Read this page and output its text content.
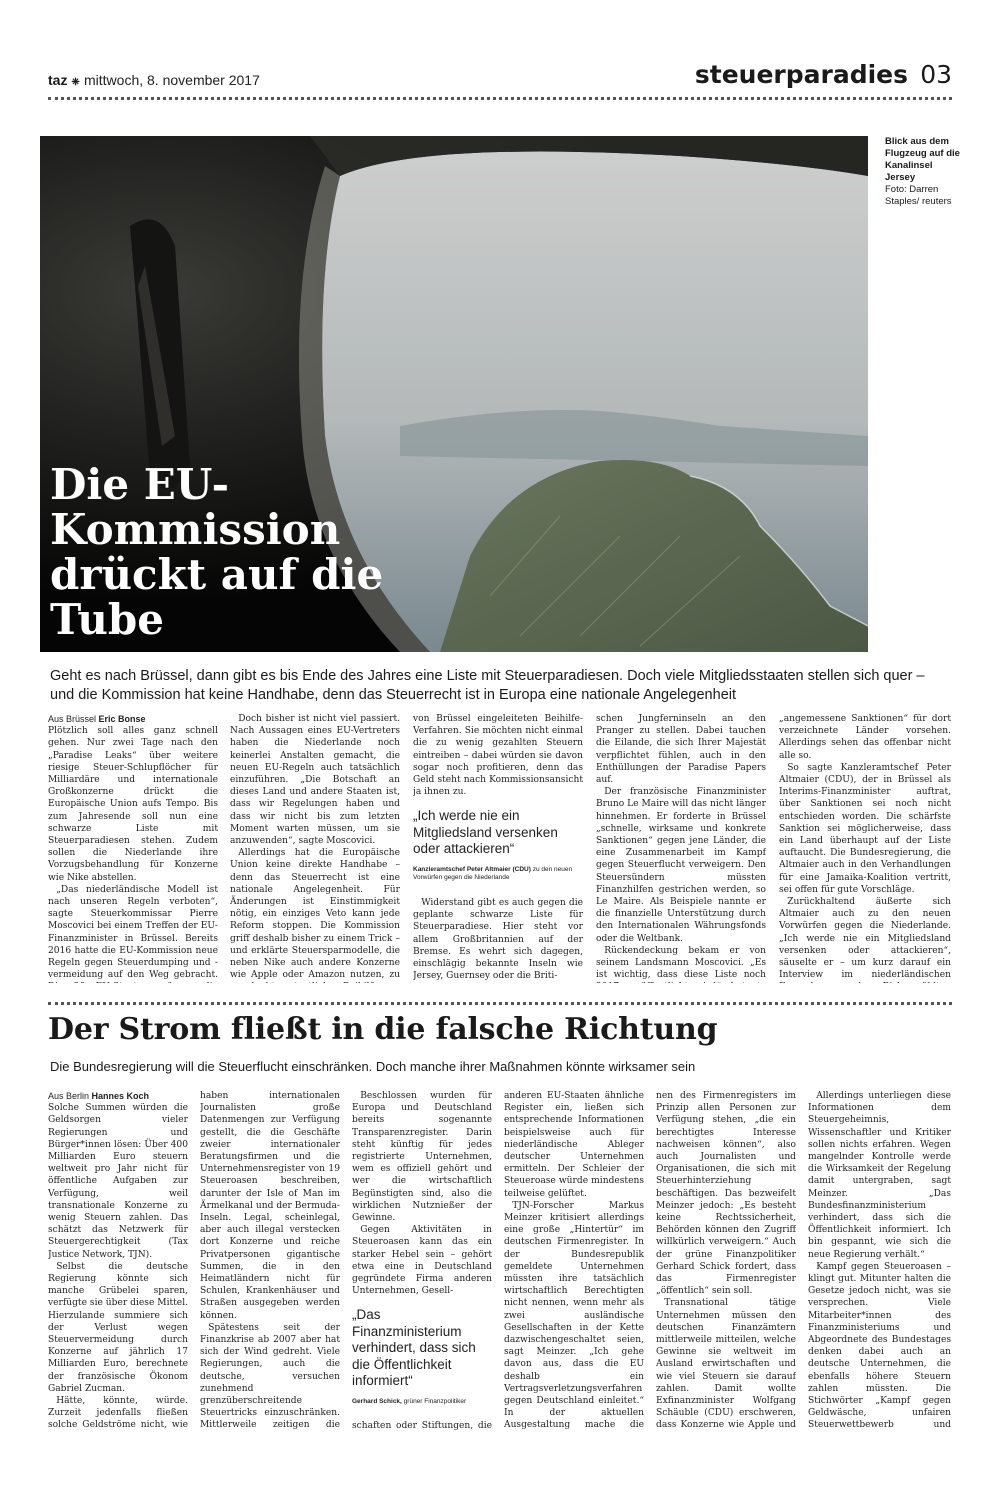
taz ❈ mittwoch, 8. november 2017	steuerparadies 03
Die EU-Kommission drückt auf die Tube
Blick aus dem Flugzeug auf die Kanalinsel Jersey
Foto: Darren Staples/ reuters
Geht es nach Brüssel, dann gibt es bis Ende des Jahres eine Liste mit Steuerparadiesen. Doch viele Mitgliedsstaaten stellen sich quer – und die Kommission hat keine Handhabe, denn das Steuerrecht ist in Europa eine nationale Angelegenheit

Aus Brüssel Eric Bonse

Plötzlich soll alles ganz schnell gehen. Nur zwei Tage nach den „Paradise Leaks“ über weitere riesige Steuer-Schlupflöcher für Milliardäre und internationale Großkonzerne drückt die Europäische Union aufs Tempo. Bis zum Jahresende soll nun eine schwarze Liste mit Steuerparadiesen stehen. Zudem sollen die Niederlande ihre Vorzugsbehandlung für Konzerne wie Nike abstellen.

„Das niederländische Modell ist nach unseren Regeln verboten“, sagte Steuerkommissar Pierre Moscovici bei einem Treffen der EU-Finanzminister in Brüssel. Bereits 2016 hatte die EU-Kommission neue Regeln gegen Steuerdumping und -vermeidung auf den Weg gebracht.

Doch bisher ist nicht viel passiert. Nach Aussagen eines EU-Vertreters haben die Niederlande noch keinerlei Anstalten gemacht, die neuen EU-Regeln auch tatsächlich einzuführen. „Die Botschaft an dieses Land und andere Staaten ist, dass wir Regelungen haben und dass wir nicht bis zum letzten Moment warten müssen, um sie anzuwenden“, sagte Moscovici.

Allerdings hat die Europäische Union keine direkte Handhabe – denn das Steuerrecht ist eine nationale Angelegenheit. Für Änderungen ist Einstimmigkeit nötig, ein einziges Veto kann jede Reform stoppen. Die Kommission griff deshalb bisher zu einem Trick – und erklärte Steuersparmodelle, die neben Nike auch andere Konzerne wie Apple oder Amazon nutzen, zu

von Brüssel eingeleiteten Beihilfe-Verfahren. Sie möchten nicht einmal die zu wenig gezahlten Steuern eintreiben – dabei würden sie davon sogar noch profitieren, denn das Geld steht nach Kommissionsansicht ja ihnen zu.

„Ich werde nie ein Mitgliedsland versenken oder attackieren“
Kanzleramtschef Peter Altmaier (CDU) zu den neuen Vorwürfen gegen die Niederlande

Widerstand gibt es auch gegen die geplante schwarze Liste für Steuerparadiese. Hier steht vor allem Großbritannien auf der Bremse. Es wehrt sich dagegen, einschlägig bekannte Inseln wie Jersey, Guernsey oder die Briti-

schen Jungferninseln an den Pranger zu stellen. Dabei tauchen die Eilande, die sich Ihrer Majestät verpflichtet fühlen, auch in den Enthüllungen der Paradise Papers auf.

Der französische Finanzminister Bruno Le Maire will das nicht länger hinnehmen. Er forderte in Brüssel „schnelle, wirksame und konkrete Sanktionen“ gegen jene Länder, die eine Zusammenarbeit im Kampf gegen Steuerflucht verweigern. Den Steuersündern müssten Finanzhilfen gestrichen werden, so Le Maire. Als Beispiele nannte er die finanzielle Unterstützung durch den Internationalen Währungsfonds oder die Weltbank.

Rückendeckung bekam er von seinem Landsmann Moscovici. „Es ist wichtig, dass diese Liste noch

„angemessene Sanktionen“ für dort verzeichnete Länder vorsehen. Allerdings sehen das offenbar nicht alle so.

So sagte Kanzleramtschef Peter Altmaier (CDU), der in Brüssel als Interims-Finanzminister auftrat, über Sanktionen sei noch nicht entschieden worden. Die schärfste Sanktion sei möglicherweise, dass ein Land überhaupt auf der Liste auftaucht. Die Bundesregierung, die Altmaier auch in den Verhandlungen für eine Jamaika-Koalition vertritt, sei offen für gute Vorschläge.

Zurückhaltend äußerte sich Altmaier auch zu den neuen Vorwürfen gegen die Niederlande. „Ich werde nie ein Mitgliedsland versenken oder attackieren“, säuselte er – um kurz darauf ein Interview im niederländischen

Der Strom fließt in die falsche Richtung
Die Bundesregierung will die Steuerflucht einschränken. Doch manche ihrer Maßnahmen könnte wirksamer sein

Aus Berlin Hannes Koch

Solche Summen würden die Geldsorgen vieler Regierungen und Bürger*innen lösen: Über 400 Milliarden Euro steuern weltweit pro Jahr nicht für öffentliche Aufgaben zur Verfügung, weil transnationale Konzerne zu wenig Steuern zahlen. Das schätzt das Netzwerk für Steuergerechtigkeit (Tax Justice Network, TJN).

Selbst die deutsche Regierung könnte sich manche Grübelei sparen, verfügte sie über diese Mittel. Hierzulande summiere sich der Verlust wegen Steuervermeidung durch Konzerne auf jährlich 17 Milliarden Euro, berechnete der französische Ökonom Gabriel Zucman.

Hätte, könnte, würde. Zurzeit jedenfalls fließen solche Geldströme nicht, wie

haben internationalen Journalisten große Datenmengen zur Verfügung gestellt, die die Geschäfte zweier internationaler Beratungsfirmen und die Unternehmensregister von 19 Steueroasen beschreiben, darunter der Isle of Man im Ärmelkanal und der Bermuda-Inseln. Legal, scheinlegal, aber auch illegal verstecken dort Konzerne und reiche Privatpersonen gigantische Summen, die in den Heimatländern nicht für Schulen, Krankenhäuser und Straßen ausgegeben werden können.

Spätestens seit der Finanzkrise ab 2007 aber hat sich der Wind gedreht. Viele Regierungen, auch die deutsche, versuchen zunehmend grenzüberschreitende Steuertricks einzuschränken. Mittlerweile zeitigen die

Beschlossen wurden für Europa und Deutschland bereits sogenannte Transparenzregister. Darin steht künftig für jedes registrierte Unternehmen, wem es offiziell gehört und wer die wirtschaftlich Begünstigten sind, also die wirklichen Nutznießer der Gewinne.

Gegen Aktivitäten in Steueroasen kann das ein starker Hebel sein – gehört etwa eine in Deutschland gegründete Firma anderen Unternehmen, Gesell-

„Das Finanzministerium verhindert, dass sich die Öffentlichkeit informiert“
Gerhard Schick, grüner Finanzpolitiker

schaften oder Stiftungen, die

anderen EU-Staaten ähnliche Register ein, ließen sich entsprechende Informationen beispielsweise auch für niederländische Ableger deutscher Unternehmen ermitteln. Der Schleier der Steueroase würde mindestens teilweise gelüftet.

TJN-Forscher Markus Meinzer kritisiert allerdings eine große „Hintertür“ im deutschen Firmenregister. In der Bundesrepublik gemeldete Unternehmen müssten ihre tatsächlich wirtschaftlich Berechtigten nicht nennen, wenn mehr als zwei ausländische Gesellschaften in der Kette dazwischengeschaltet seien, sagt Meinzer. „Ich gehe davon aus, dass die EU deshalb ein Vertragsverletzungsverfahren gegen Deutschland einleitet.“ In der aktuellen Ausgestaltung mache die

nen des Firmenregisters im Prinzip allen Personen zur Verfügung stehen, „die ein berechtigtes Interesse nachweisen können“, also auch Journalisten und Organisationen, die sich mit Steuerhinterziehung beschäftigen. Das bezweifelt Meinzer jedoch: „Es besteht keine Rechtssicherheit, Behörden können den Zugriff willkürlich verweigern.“ Auch der grüne Finanzpolitiker Gerhard Schick fordert, dass das Firmenregister „öffentlich“ sein soll.

Transnational tätige Unternehmen müssen den deutschen Finanzämtern mittlerweile mitteilen, welche Gewinne sie weltweit im Ausland erwirtschaften und wie viel Steuern sie darauf zahlen. Damit wollte Exfinanzminister Wolfgang Schäuble (CDU) erschweren, dass Konzerne wie Apple und

Allerdings unterliegen diese Informationen dem Steuergeheimnis, Wissenschaftler und Kritiker sollen nichts erfahren. Wegen mangelnder Kontrolle werde die Wirksamkeit der Regelung damit untergraben, sagt Meinzer. „Das Bundesfinanzministerium verhindert, dass sich die Öffentlichkeit informiert. Ich bin gespannt, wie sich die neue Regierung verhält.“

Kampf gegen Steueroasen – klingt gut. Mitunter halten die Gesetze jedoch nicht, was sie versprechen. Viele Mitarbeiter*innen des Finanzministeriums und Abgeordnete des Bundestages denken dabei auch an deutsche Unternehmen, die ebenfalls höhere Steuern zahlen müssten. Die Stichwörter „Kampf gegen Geldwäsche, unfairen Steuerwettbewerb und
